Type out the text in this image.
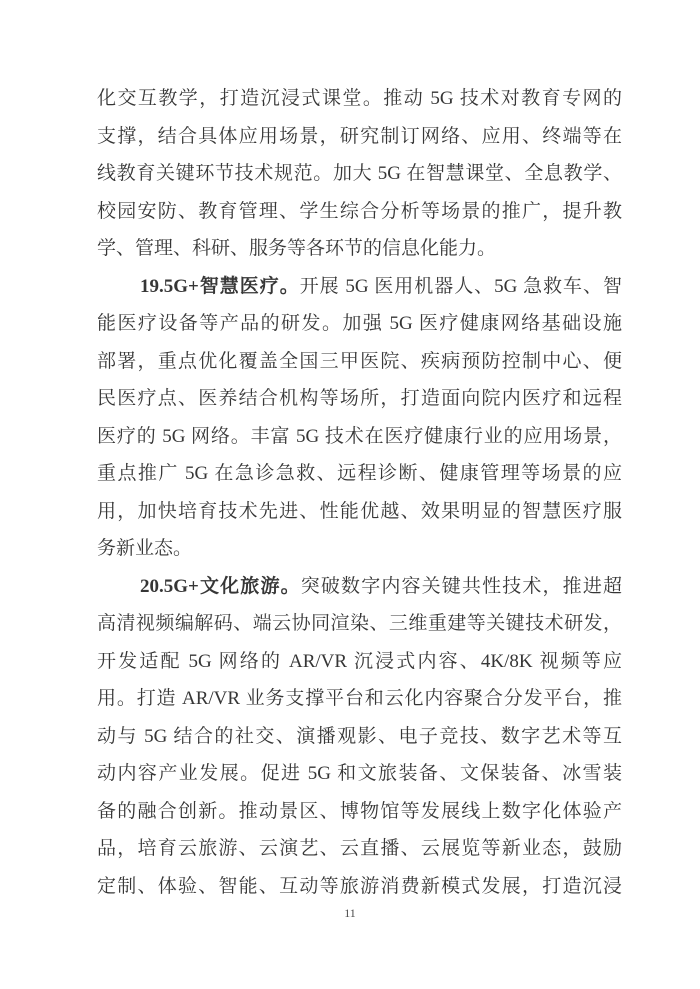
化交互教学，打造沉浸式课堂。推动 5G 技术对教育专网的
支撑，结合具体应用场景，研究制订网络、应用、终端等在
线教育关键环节技术规范。加大 5G 在智慧课堂、全息教学、
校园安防、教育管理、学生综合分析等场景的推广，提升教
学、管理、科研、服务等各环节的信息化能力。
19.5G+智慧医疗。开展 5G 医用机器人、5G 急救车、智
能医疗设备等产品的研发。加强 5G 医疗健康网络基础设施
部署，重点优化覆盖全国三甲医院、疾病预防控制中心、便
民医疗点、医养结合机构等场所，打造面向院内医疗和远程
医疗的 5G 网络。丰富 5G 技术在医疗健康行业的应用场景，
重点推广 5G 在急诊急救、远程诊断、健康管理等场景的应
用，加快培育技术先进、性能优越、效果明显的智慧医疗服
务新业态。
20.5G+文化旅游。突破数字内容关键共性技术，推进超
高清视频编解码、端云协同渲染、三维重建等关键技术研发，
开发适配 5G 网络的 AR/VR 沉浸式内容、4K/8K 视频等应
用。打造 AR/VR 业务支撑平台和云化内容聚合分发平台，推
动与 5G 结合的社交、演播观影、电子竞技、数字艺术等互
动内容产业发展。促进 5G 和文旅装备、文保装备、冰雪装
备的融合创新。推动景区、博物馆等发展线上数字化体验产
品，培育云旅游、云演艺、云直播、云展览等新业态，鼓励
定制、体验、智能、互动等旅游消费新模式发展，打造沉浸
11
